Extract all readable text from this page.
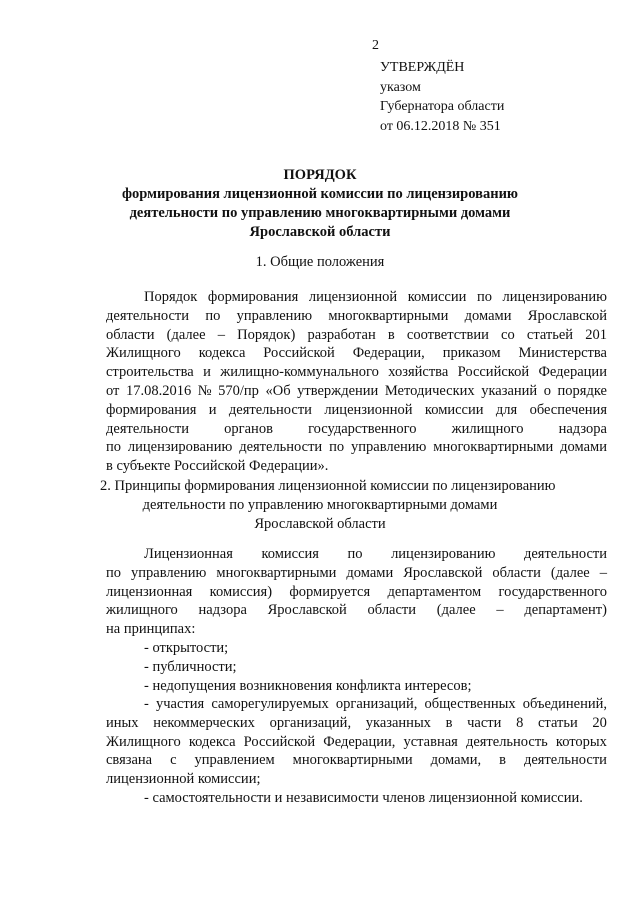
2
УТВЕРЖДЁН
указом
Губернатора области
от 06.12.2018 № 351
ПОРЯДОК
формирования лицензионной комиссии по лицензированию
деятельности по управлению многоквартирными домами
Ярославской области
1. Общие положения
Порядок формирования лицензионной комиссии по лицензированию
деятельности по управлению многоквартирными домами Ярославской
области (далее – Порядок) разработан в соответствии со статьей 201
Жилищного кодекса Российской Федерации, приказом Министерства
строительства и жилищно-коммунального хозяйства Российской Федерации
от 17.08.2016 № 570/пр «Об утверждении Методических указаний о порядке
формирования и деятельности лицензионной комиссии для обеспечения
деятельности органов государственного жилищного надзора
по лицензированию деятельности по управлению многоквартирными домами
в субъекте Российской Федерации».
2. Принципы формирования лицензионной комиссии по лицензированию
деятельности по управлению многоквартирными домами
Ярославской области
Лицензионная комиссия по лицензированию деятельности
по управлению многоквартирными домами Ярославской области (далее –
лицензионная комиссия) формируется департаментом государственного
жилищного надзора Ярославской области (далее – департамент)
на принципах:
- открытости;
- публичности;
- недопущения возникновения конфликта интересов;
- участия саморегулируемых организаций, общественных объединений,
иных некоммерческих организаций, указанных в части 8 статьи 20
Жилищного кодекса Российской Федерации, уставная деятельность которых
связана с управлением многоквартирными домами, в деятельности
лицензионной комиссии;
- самостоятельности и независимости членов лицензионной комиссии.
